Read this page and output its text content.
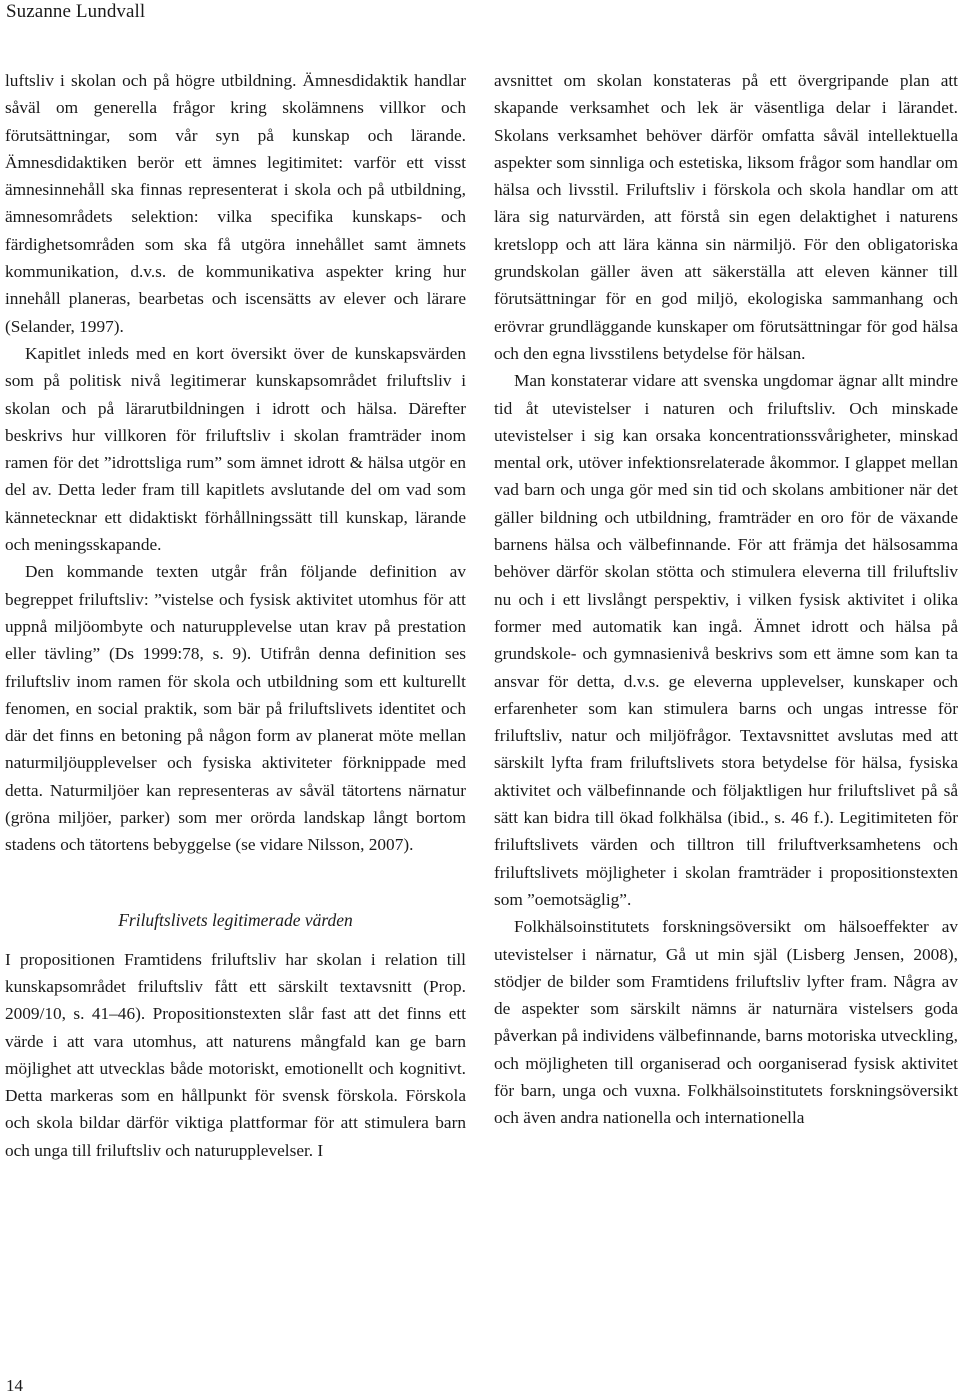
Suzanne Lundvall

luftsliv i skolan och på högre utbildning. Ämnesdidaktik handlar såväl om generella frågor kring skolämnens villkor och förutsättningar, som vår syn på kunskap och lärande. Ämnesdidaktiken berör ett ämnes legitimitet: varför ett visst ämnesinnehåll ska finnas representerat i skola och på utbildning, ämnesområdets selektion: vilka specifika kunskaps- och färdighetsområden som ska få utgöra innehållet samt ämnets kommunikation, d.v.s. de kommunikativa aspekter kring hur innehåll planeras, bearbetas och iscensätts av elever och lärare (Selander, 1997).

Kapitlet inleds med en kort översikt över de kunskapsvärden som på politisk nivå legitimerar kunskapsområdet friluftsliv i skolan och på lärarutbildningen i idrott och hälsa. Därefter beskrivs hur villkoren för friluftsliv i skolan framträder inom ramen för det ”idrottsliga rum” som ämnet idrott & hälsa utgör en del av. Detta leder fram till kapitlets avslutande del om vad som kännetecknar ett didaktiskt förhållningssätt till kunskap, lärande och meningsskapande.

Den kommande texten utgår från följande definition av begreppet friluftsliv: ”vistelse och fysisk aktivitet utomhus för att uppnå miljöombyte och naturupplevelse utan krav på prestation eller tävling” (Ds 1999:78, s. 9). Utifrån denna definition ses friluftsliv inom ramen för skola och utbildning som ett kulturellt fenomen, en social praktik, som bär på friluftslivets identitet och där det finns en betoning på någon form av planerat möte mellan naturmiljöupplevelser och fysiska aktiviteter förknippade med detta. Naturmiljöer kan representeras av såväl tätortens närnatur (gröna miljöer, parker) som mer orörda landskap långt bortom stadens och tätortens bebyggelse (se vidare Nilsson, 2007).

Friluftslivets legitimerade värden

I propositionen Framtidens friluftsliv har skolan i relation till kunskapsområdet friluftsliv fått ett särskilt textavsnitt (Prop. 2009/10, s. 41–46). Propositionstexten slår fast att det finns ett värde i att vara utomhus, att naturens mångfald kan ge barn möjlighet att utvecklas både motoriskt, emotionellt och kognitivt. Detta markeras som en hållpunkt för svensk förskola. Förskola och skola bildar därför viktiga plattformar för att stimulera barn och unga till friluftsliv och naturupplevelser. I

avsnittet om skolan konstateras på ett övergripande plan att skapande verksamhet och lek är väsentliga delar i lärandet. Skolans verksamhet behöver därför omfatta såväl intellektuella aspekter som sinnliga och estetiska, liksom frågor som handlar om hälsa och livsstil. Friluftsliv i förskola och skola handlar om att lära sig naturvärden, att förstå sin egen delaktighet i naturens kretslopp och att lära känna sin närmiljö. För den obligatoriska grundskolan gäller även att säkerställa att eleven känner till förutsättningar för en god miljö, ekologiska sammanhang och erövrar grundläggande kunskaper om förutsättningar för god hälsa och den egna livsstilens betydelse för hälsan.

Man konstaterar vidare att svenska ungdomar ägnar allt mindre tid åt utevistelser i naturen och friluftsliv. Och minskade utevistelser i sig kan orsaka koncentrationssvårigheter, minskad mental ork, utöver infektionsrelaterade åkommor. I glappet mellan vad barn och unga gör med sin tid och skolans ambitioner när det gäller bildning och utbildning, framträder en oro för de växande barnens hälsa och välbefinnande. För att främja det hälsosamma behöver därför skolan stötta och stimulera eleverna till friluftsliv nu och i ett livslångt perspektiv, i vilken fysisk aktivitet i olika former med automatik kan ingå. Ämnet idrott och hälsa på grundskole- och gymnasienivå beskrivs som ett ämne som kan ta ansvar för detta, d.v.s. ge eleverna upplevelser, kunskaper och erfarenheter som kan stimulera barns och ungas intresse för friluftsliv, natur och miljöfrågor. Textavsnittet avslutas med att särskilt lyfta fram friluftslivets stora betydelse för hälsa, fysiska aktivitet och välbefinnande och följaktligen hur friluftslivet på så sätt kan bidra till ökad folkhälsa (ibid., s. 46 f.). Legitimiteten för friluftslivets värden och tilltron till friluftverksamhetens och friluftslivets möjligheter i skolan framträder i propositionstexten som ”oemotsäglig”.

Folkhälsoinstitutets forskningsöversikt om hälsoeffekter av utevistelser i närnatur, Gå ut min själ (Lisberg Jensen, 2008), stödjer de bilder som Framtidens friluftsliv lyfter fram. Några av de aspekter som särskilt nämns är naturnära vistelsers goda påverkan på individens välbefinnande, barns motoriska utveckling, och möjligheten till organiserad och oorganiserad fysisk aktivitet för barn, unga och vuxna. Folkhälsoinstitutets forskningsöversikt och även andra nationella och internationella

14
